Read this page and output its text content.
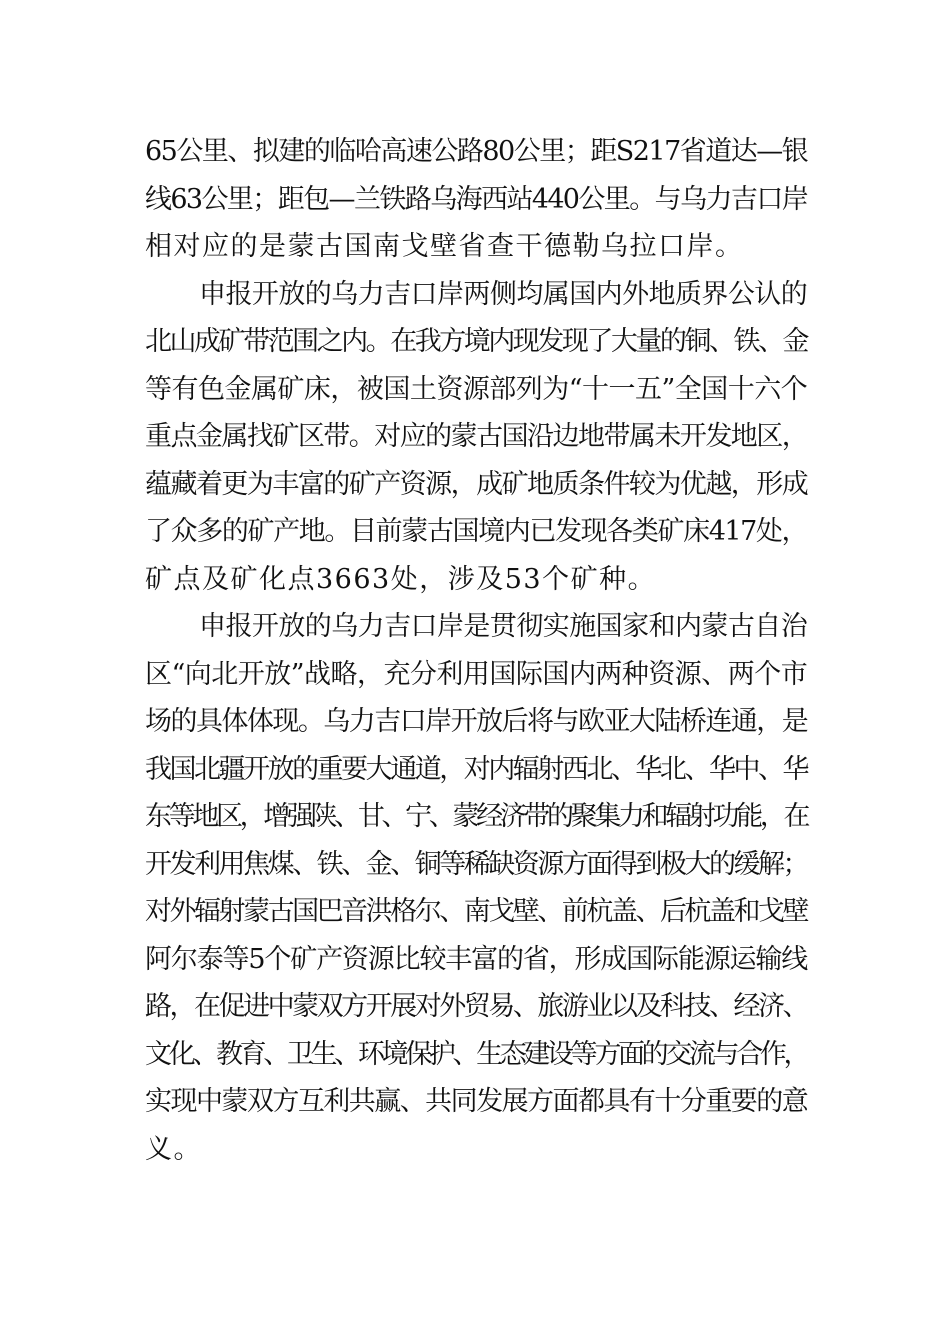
65公里、拟建的临哈高速公路80公里；距S217省道达—银
线63公里；距包—兰铁路乌海西站440公里。与乌力吉口岸
相对应的是蒙古国南戈壁省查干德勒乌拉口岸。
申报开放的乌力吉口岸两侧均属国内外地质界公认的
北山成矿带范围之内。在我方境内现发现了大量的铜、铁、金
等有色金属矿床，被国土资源部列为“十一五”全国十六个
重点金属找矿区带。对应的蒙古国沿边地带属未开发地区，
蕴藏着更为丰富的矿产资源，成矿地质条件较为优越，形成
了众多的矿产地。目前蒙古国境内已发现各类矿床417处，
矿点及矿化点3663处，涉及53个矿种。
申报开放的乌力吉口岸是贯彻实施国家和内蒙古自治
区“向北开放”战略，充分利用国际国内两种资源、两个市
场的具体体现。乌力吉口岸开放后将与欧亚大陆桥连通，是
我国北疆开放的重要大通道，对内辐射西北、华北、华中、华
东等地区，增强陕、甘、宁、蒙经济带的聚集力和辐射功能，在
开发利用焦煤、铁、金、铜等稀缺资源方面得到极大的缓解；
对外辐射蒙古国巴音洪格尔、南戈壁、前杭盖、后杭盖和戈壁
阿尔泰等5个矿产资源比较丰富的省，形成国际能源运输线
路，在促进中蒙双方开展对外贸易、旅游业以及科技、经济、
文化、教育、卫生、环境保护、生态建设等方面的交流与合作，
实现中蒙双方互利共赢、共同发展方面都具有十分重要的意
义。
